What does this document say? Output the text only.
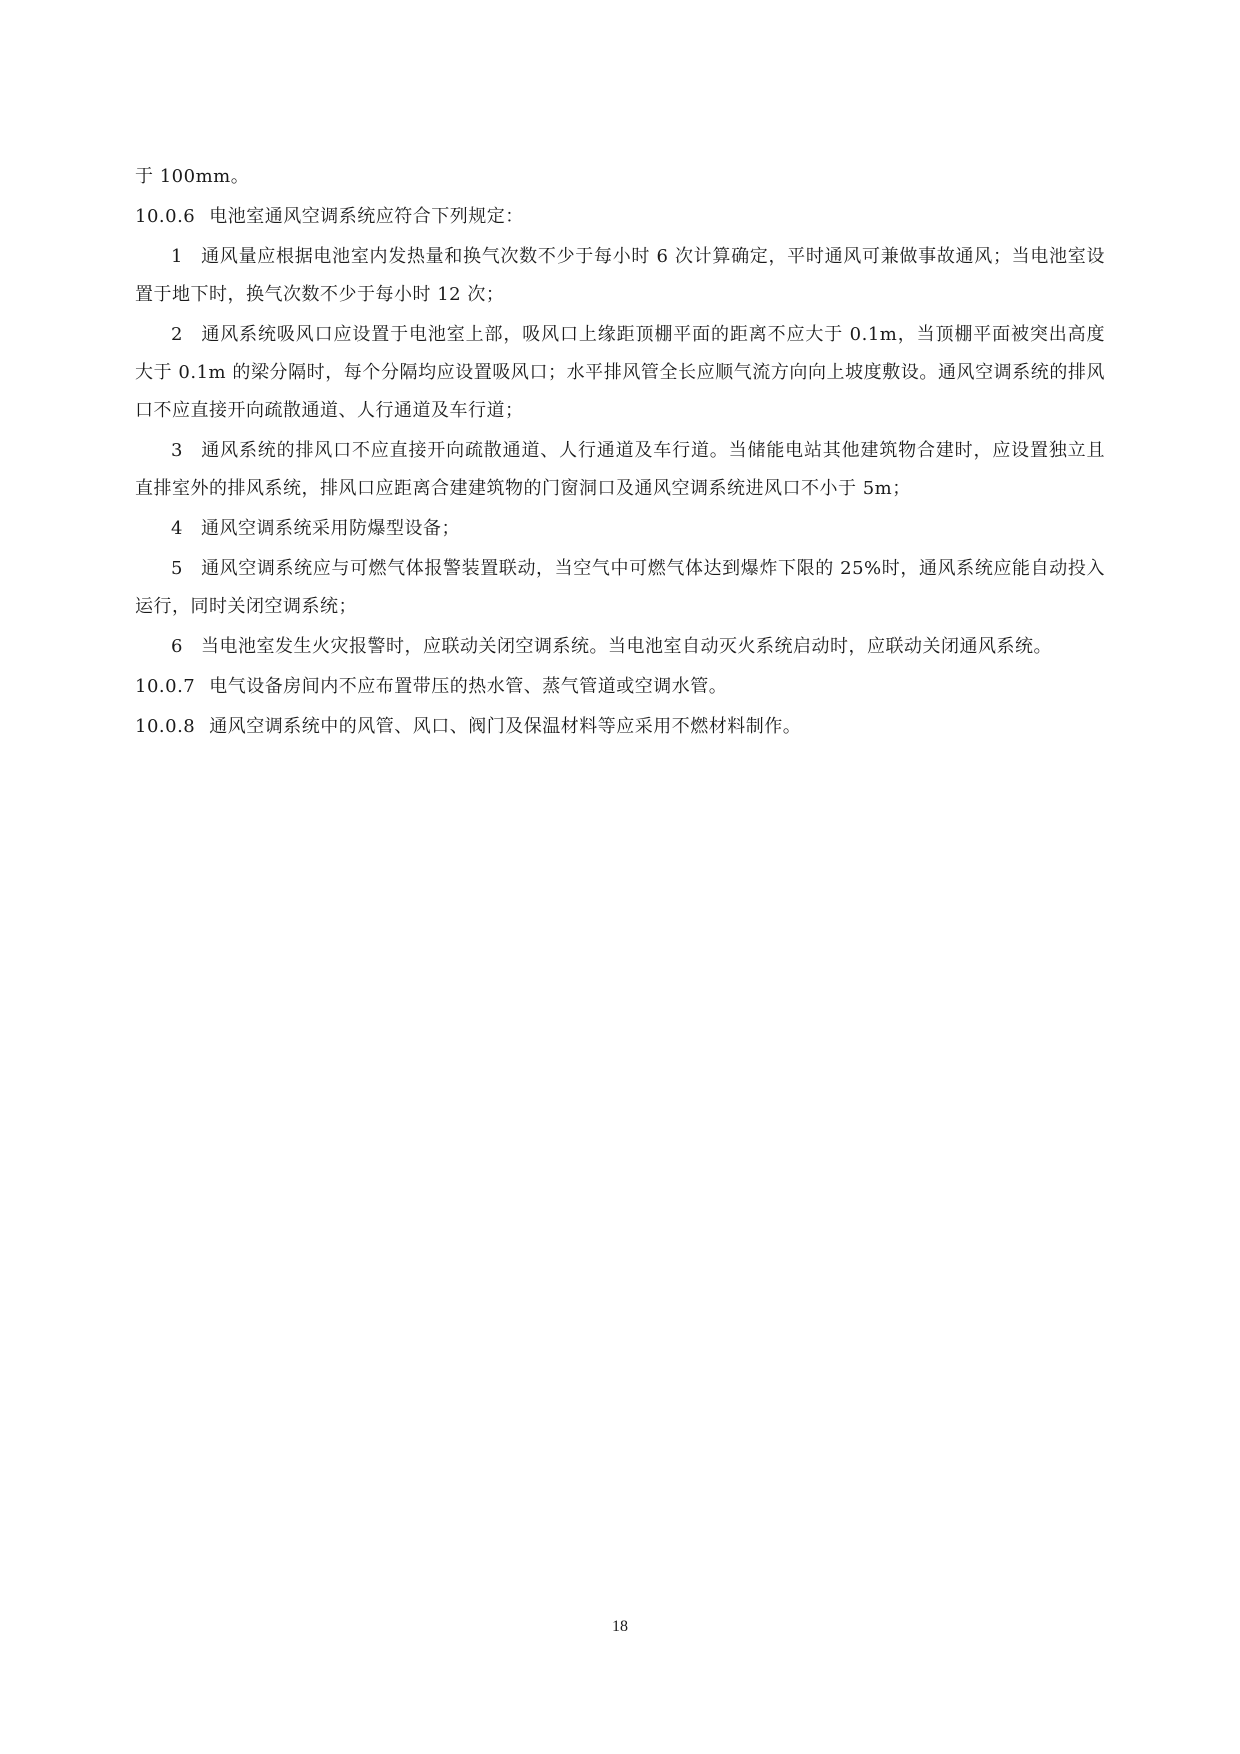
于 100mm。

10.0.6 电池室通风空调系统应符合下列规定：

1 通风量应根据电池室内发热量和换气次数不少于每小时 6 次计算确定，平时通风可兼做事故通风；当电池室设置于地下时，换气次数不少于每小时 12 次；

2 通风系统吸风口应设置于电池室上部，吸风口上缘距顶棚平面的距离不应大于 0.1m，当顶棚平面被突出高度大于 0.1m 的梁分隔时，每个分隔均应设置吸风口；水平排风管全长应顺气流方向向上坡度敷设。通风空调系统的排风口不应直接开向疏散通道、人行通道及车行道；

3 通风系统的排风口不应直接开向疏散通道、人行通道及车行道。当储能电站其他建筑物合建时，应设置独立且直排室外的排风系统，排风口应距离合建建筑物的门窗洞口及通风空调系统进风口不小于 5m；

4 通风空调系统采用防爆型设备；

5 通风空调系统应与可燃气体报警装置联动，当空气中可燃气体达到爆炸下限的 25%时，通风系统应能自动投入运行，同时关闭空调系统；

6 当电池室发生火灾报警时，应联动关闭空调系统。当电池室自动灭火系统启动时，应联动关闭通风系统。

10.0.7 电气设备房间内不应布置带压的热水管、蒸气管道或空调水管。

10.0.8 通风空调系统中的风管、风口、阀门及保温材料等应采用不燃材料制作。

18
